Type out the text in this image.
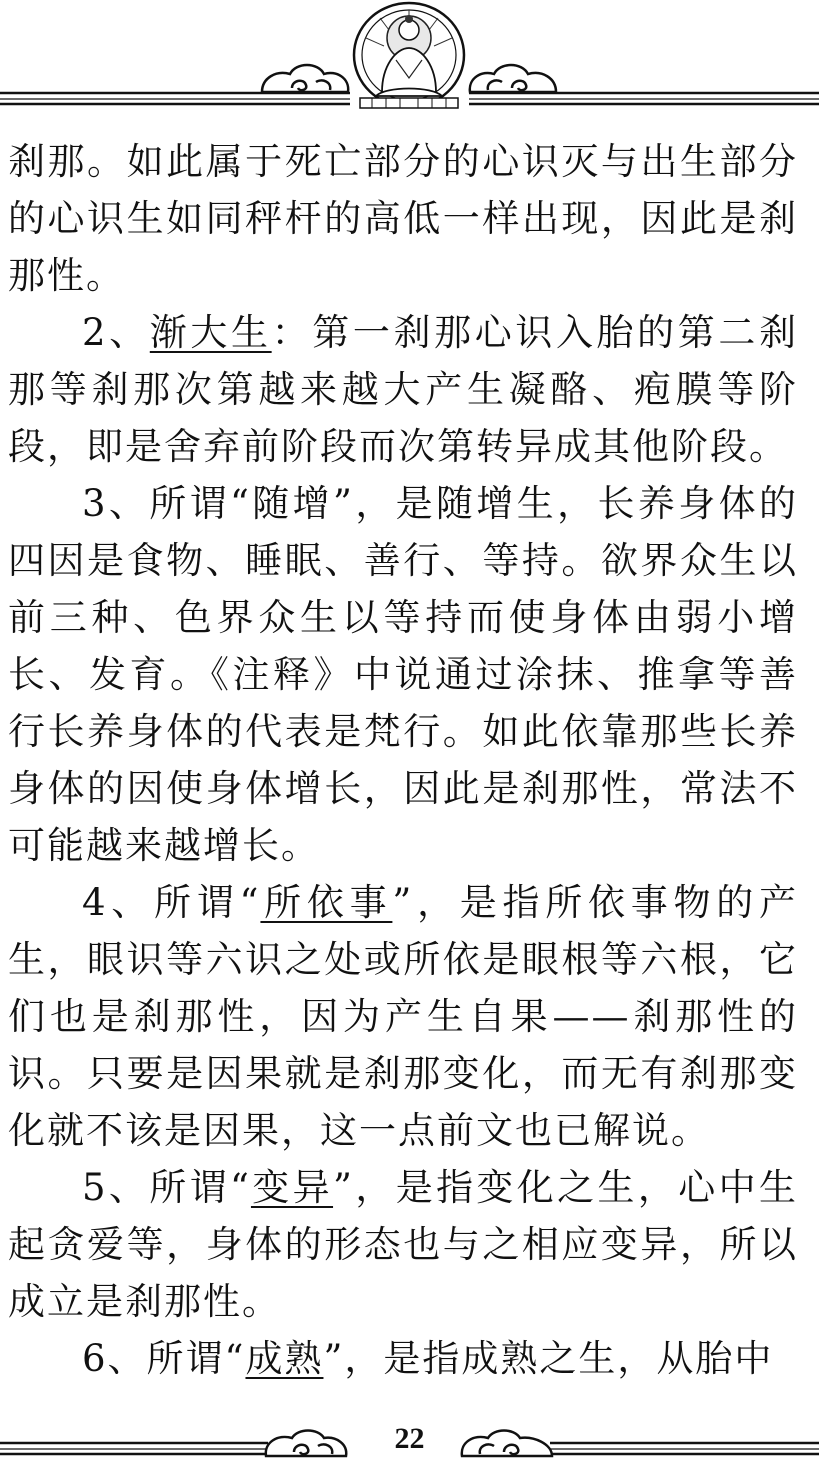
刹那。如此属于死亡部分的心识灭与出生部分的心识生如同秤杆的高低一样出现，因此是刹那性。

2、渐大生：第一刹那心识入胎的第二刹那等刹那次第越来越大产生凝酪、疱膜等阶段，即是舍弃前阶段而次第转异成其他阶段。

3、所谓“随增”，是随增生，长养身体的四因是食物、睡眠、善行、等持。欲界众生以前三种、色界众生以等持而使身体由弱小增长、发育。《注释》中说通过涂抹、推拿等善行长养身体的代表是梵行。如此依靠那些长养身体的因使身体增长，因此是刹那性，常法不可能越来越增长。

4、所谓“所依事”，是指所依事物的产生，眼识等六识之处或所依是眼根等六根，它们也是刹那性，因为产生自果——刹那性的识。只要是因果就是刹那变化，而无有刹那变化就不该是因果，这一点前文也已解说。

5、所谓“变异”，是指变化之生，心中生起贪爱等，身体的形态也与之相应变异，所以成立是刹那性。

6、所谓“成熟”，是指成熟之生，从胎中

22
